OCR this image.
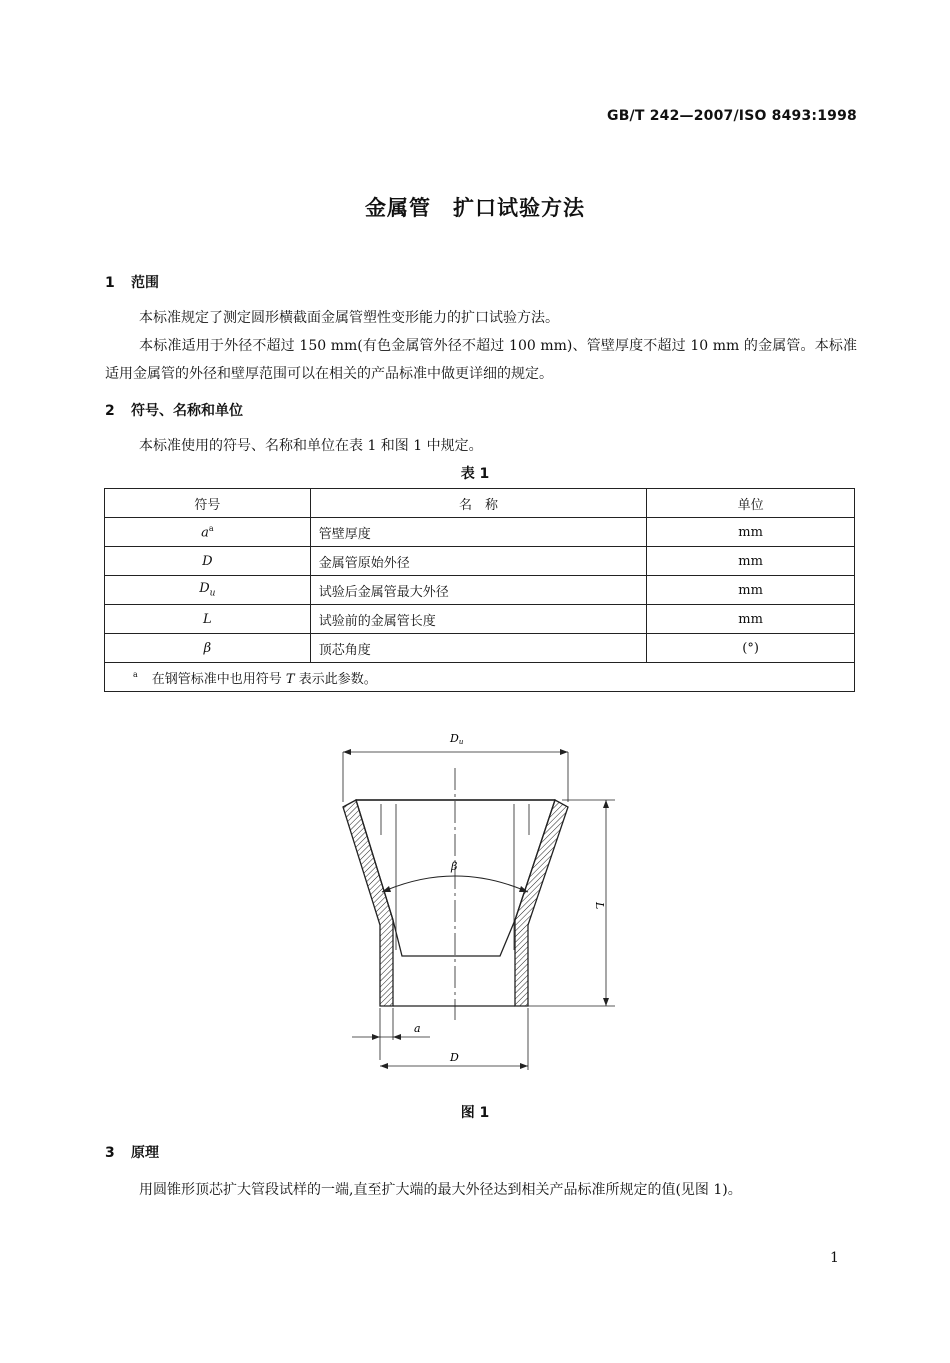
GB/T 242—2007/ISO 8493:1998
金属管　扩口试验方法
1 范围
本标准规定了测定圆形横截面金属管塑性变形能力的扩口试验方法。
本标准适用于外径不超过 150 mm(有色金属管外径不超过 100 mm)、管壁厚度不超过 10 mm 的金属管。本标准适用金属管的外径和壁厚范围可以在相关的产品标准中做更详细的规定。
2 符号、名称和单位
本标准使用的符号、名称和单位在表 1 和图 1 中规定。
表 1
符号	名　称	单位
$a^a$	管壁厚度	mm
D	金属管原始外径	mm
$D_u$	试验后金属管最大外径	mm
L	试验前的金属管长度	mm
β	顶芯角度	(°)
$^a$ 在钢管标准中也用符号 T 表示此参数。		
Du
L
β
a
D
图 1
3 原理
用圆锥形顶芯扩大管段试样的一端,直至扩大端的最大外径达到相关产品标准所规定的值(见图 1)。
1
